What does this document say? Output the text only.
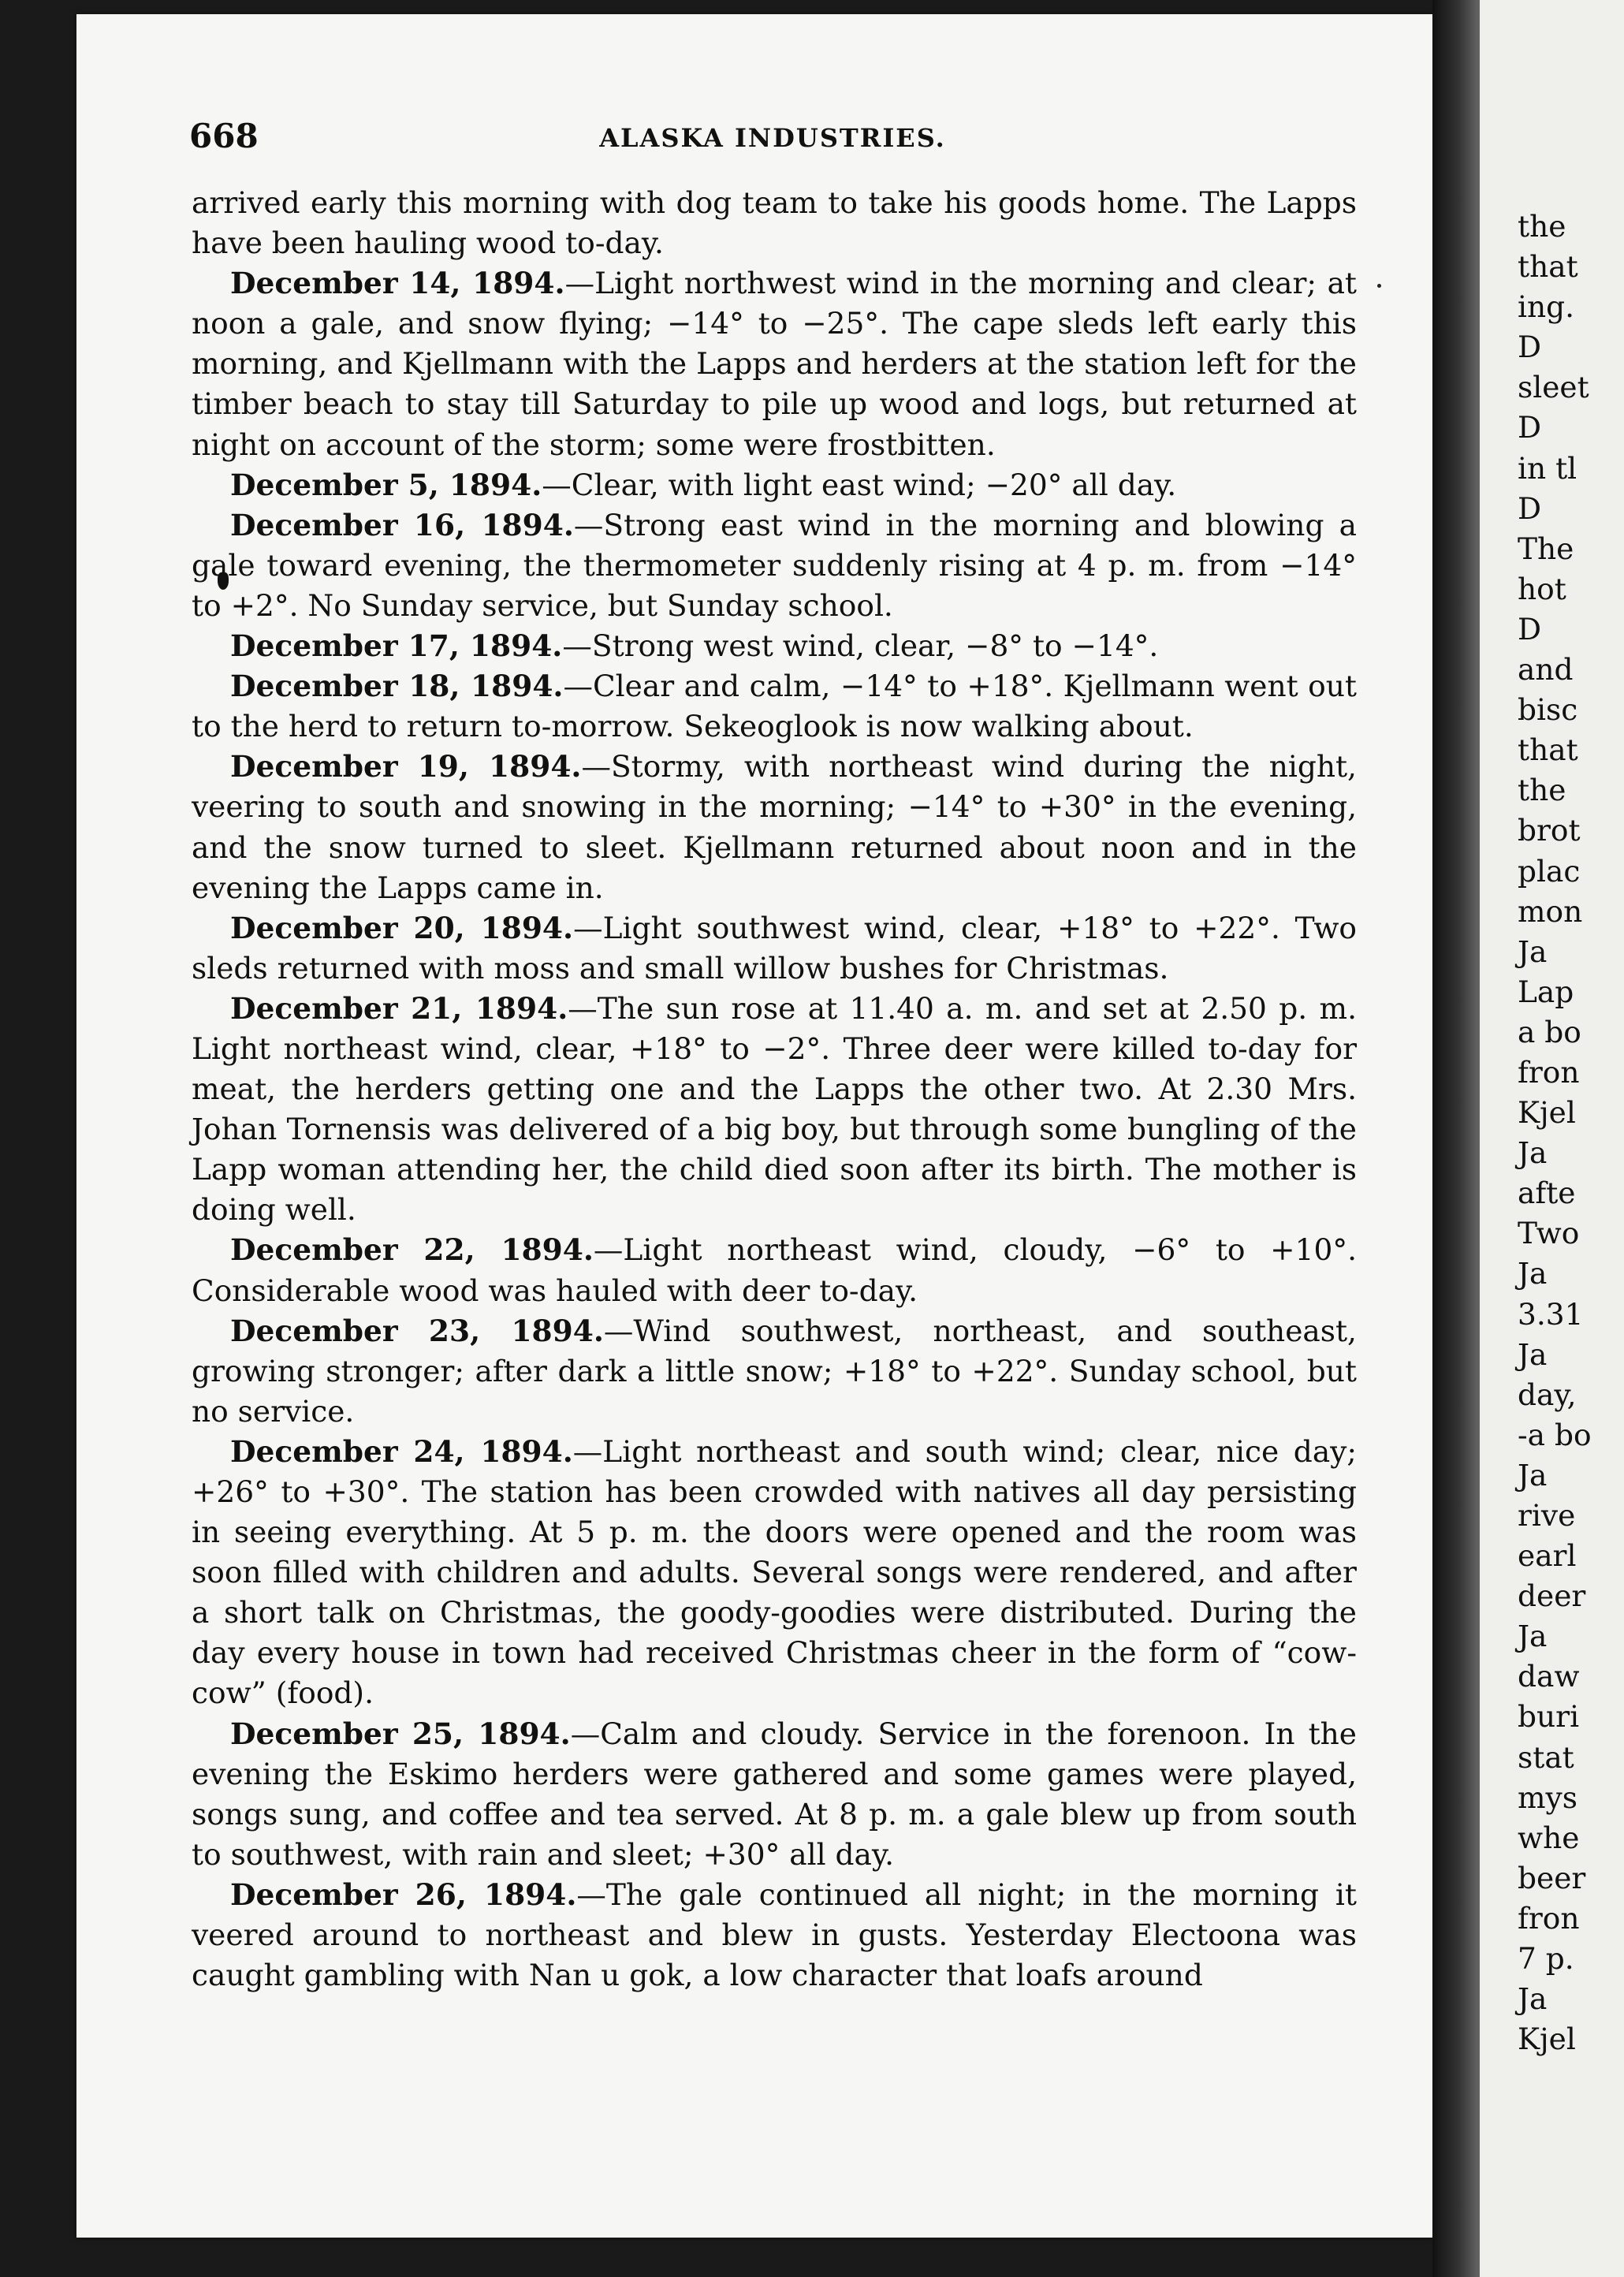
668	ALASKA INDUSTRIES.

arrived early this morning with dog team to take his goods home. The Lapps have been hauling wood to-day.

December 14, 1894.—Light northwest wind in the morning and clear; at noon a gale, and snow flying; −14° to −25°. The cape sleds left early this morning, and Kjellmann with the Lapps and herders at the station left for the timber beach to stay till Saturday to pile up wood and logs, but returned at night on account of the storm; some were frostbitten.

December 5, 1894.—Clear, with light east wind; −20° all day.

December 16, 1894.—Strong east wind in the morning and blowing a gale toward evening, the thermometer suddenly rising at 4 p. m. from −14° to +2°. No Sunday service, but Sunday school.

December 17, 1894.—Strong west wind, clear, −8° to −14°.

December 18, 1894.—Clear and calm, −14° to +18°. Kjellmann went out to the herd to return to-morrow. Sekeoglook is now walking about.

December 19, 1894.—Stormy, with northeast wind during the night, veering to south and snowing in the morning; −14° to +30° in the evening, and the snow turned to sleet. Kjellmann returned about noon and in the evening the Lapps came in.

December 20, 1894.—Light southwest wind, clear, +18° to +22°. Two sleds returned with moss and small willow bushes for Christmas.

December 21, 1894.—The sun rose at 11.40 a. m. and set at 2.50 p. m. Light northeast wind, clear, +18° to −2°. Three deer were killed to-day for meat, the herders getting one and the Lapps the other two. At 2.30 Mrs. Johan Tornensis was delivered of a big boy, but through some bungling of the Lapp woman attending her, the child died soon after its birth. The mother is doing well.

December 22, 1894.—Light northeast wind, cloudy, −6° to +10°. Considerable wood was hauled with deer to-day.

December 23, 1894.—Wind southwest, northeast, and southeast, growing stronger; after dark a little snow; +18° to +22°. Sunday school, but no service.

December 24, 1894.—Light northeast and south wind; clear, nice day; +26° to +30°. The station has been crowded with natives all day persisting in seeing everything. At 5 p. m. the doors were opened and the room was soon filled with children and adults. Several songs were rendered, and after a short talk on Christmas, the goody-goodies were distributed. During the day every house in town had received Christmas cheer in the form of “cow-cow” (food).

December 25, 1894.—Calm and cloudy. Service in the forenoon. In the evening the Eskimo herders were gathered and some games were played, songs sung, and coffee and tea served. At 8 p. m. a gale blew up from south to southwest, with rain and sleet; +30° all day.

December 26, 1894.—The gale continued all night; in the morning it veered around to northeast and blew in gusts. Yesterday Electoona was caught gambling with Nan u gok, a low character that loafs around

the
that
ing.
D
sleet
D
in tl
D
The
hot
D
and
bisc
that
the
brot
plac
mon
Ja
Lap
a bo
fron
Kjel
Ja
afte
Two
Ja
3.31
Ja
day,
-a bo
Ja
rive
earl
deer
Ja
daw
buri
stat
mys
whe
beer
fron
7 p.
Ja
Kjel
